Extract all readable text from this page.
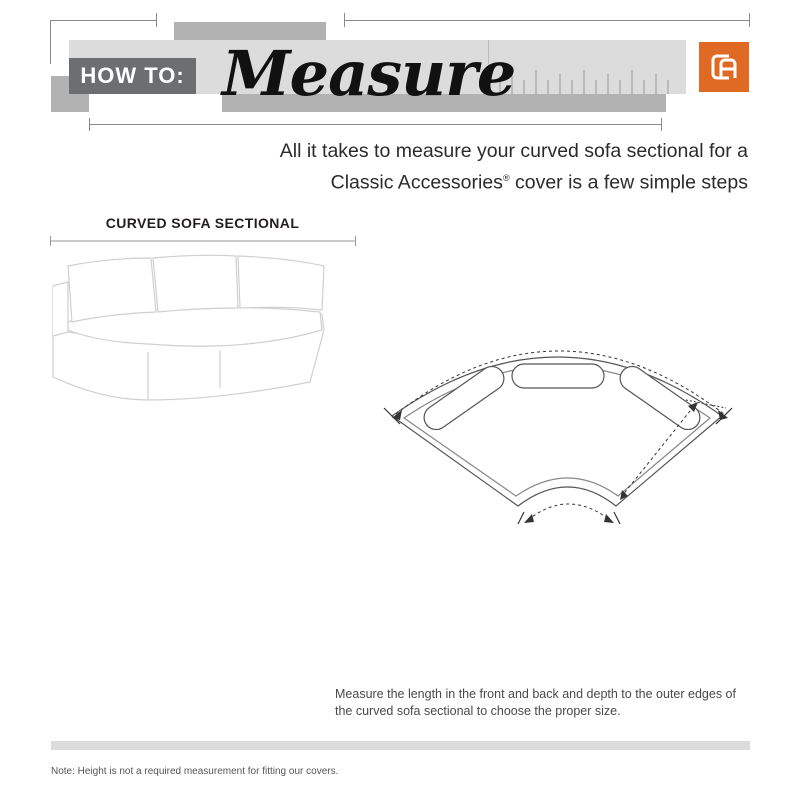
HOW TO: Measure
All it takes to measure your curved sofa sectional for a
Classic Accessories® cover is a few simple steps
CURVED SOFA SECTIONAL
Measure the length in the front and back and depth to the outer edges of the curved sofa sectional to choose the proper size.
Note: Height is not a required measurement for fitting our covers.
